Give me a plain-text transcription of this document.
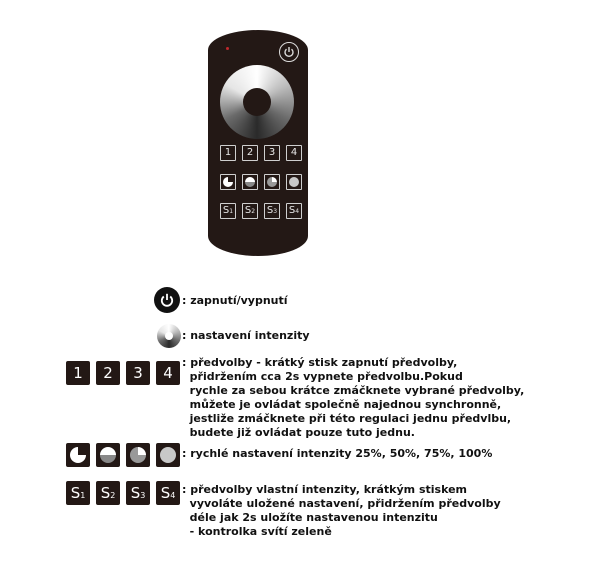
1	2	3	4
S1 S2 S3 S4
: zapnutí/vypnutí
: nastavení intenzity
1	2	3	4
: předvolby - krátký stisk zapnutí předvolby,
přidržením cca 2s vypnete předvolbu.Pokud
rychle za sebou krátce zmáčknete vybrané předvolby,
můžete je ovládat společně najednou synchronně,
jestliže zmáčknete při této regulaci jednu předvlbu,
budete již ovládat pouze tuto jednu.
: rychlé nastavení intenzity 25%, 50%, 75%, 100%
S1	S2	S3	S4 : předvolby vlastní intenzity, krátkým stiskem
vyvoláte uložené nastavení, přidržením předvolby
déle jak 2s uložíte nastavenou intenzitu
- kontrolka svítí zeleně
